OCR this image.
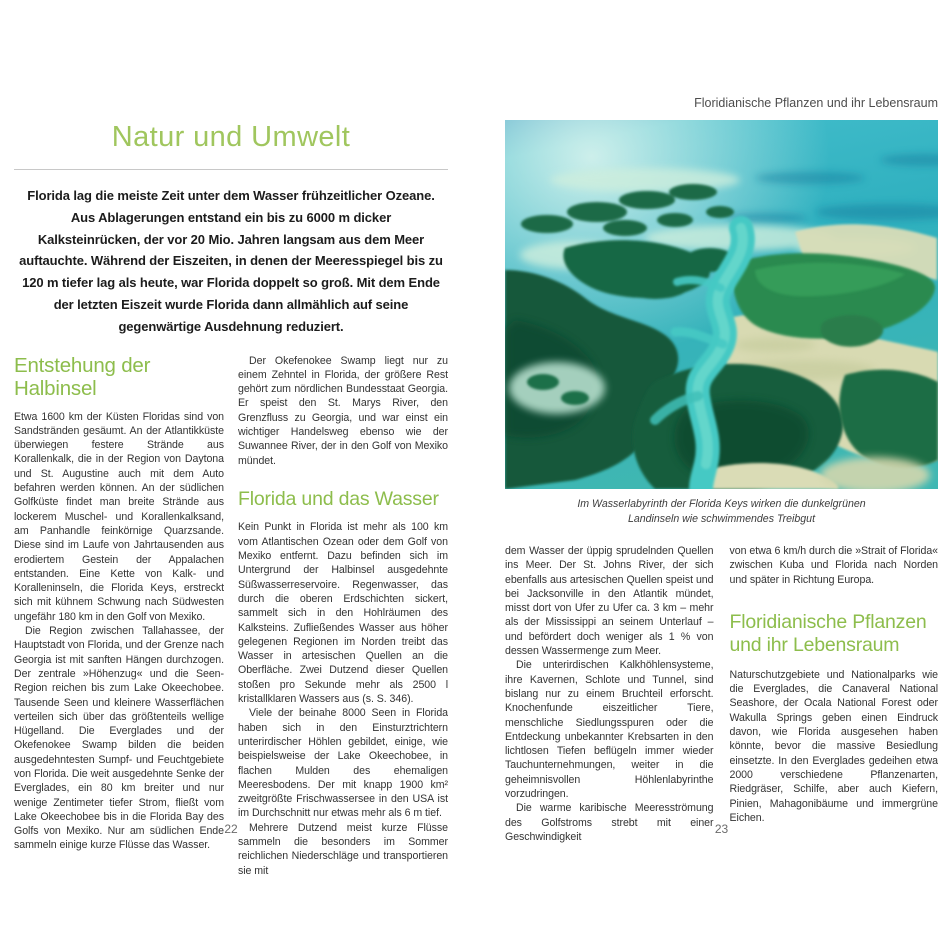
Natur und Umwelt

Florida lag die meiste Zeit unter dem Wasser frühzeitlicher Ozeane. Aus Ablagerungen entstand ein bis zu 6000 m dicker Kalksteinrücken, der vor 20 Mio. Jahren langsam aus dem Meer auftauchte. Während der Eiszeiten, in denen der Meeresspiegel bis zu 120 m tiefer lag als heute, war Florida doppelt so groß. Mit dem Ende der letzten Eiszeit wurde Florida dann allmählich auf seine gegenwärtige Ausdehnung reduziert.

Entstehung der
Halbinsel

Etwa 1600 km der Küsten Floridas sind von Sandstränden gesäumt. An der Atlantikküste überwiegen festere Strände aus Korallenkalk, die in der Region von Daytona und St. Augustine auch mit dem Auto befahren werden können. An der südlichen Golfküste findet man breite Strände aus lockerem Muschel- und Korallenkalksand, am Panhandle feinkörnige Quarzsande. Diese sind im Laufe von Jahrtausenden aus erodiertem Gestein der Appalachen entstanden. Eine Kette von Kalk- und Koralleninseln, die Florida Keys, erstreckt sich mit kühnem Schwung nach Südwesten ungefähr 180 km in den Golf von Mexiko.

Die Region zwischen Tallahassee, der Hauptstadt von Florida, und der Grenze nach Georgia ist mit sanften Hängen durchzogen. Der zentrale »Höhenzug« und die Seen-Region reichen bis zum Lake Okeechobee. Tausende Seen und kleinere Wasserflächen verteilen sich über das größtenteils wellige Hügelland. Die Everglades und der Okefenokee Swamp bilden die beiden ausgedehntesten Sumpf- und Feuchtgebiete von Florida. Die weit ausgedehnte Senke der Everglades, ein 80 km breiter und nur wenige Zentimeter tiefer Strom, fließt vom Lake Okeechobee bis in die Florida Bay des Golfs von Mexiko. Nur am südlichen Ende sammeln einige kurze Flüsse das Wasser.

Der Okefenokee Swamp liegt nur zu einem Zehntel in Florida, der größere Rest gehört zum nördlichen Bundesstaat Georgia. Er speist den St. Marys River, den Grenzfluss zu Georgia, und war einst ein wichtiger Handelsweg ebenso wie der Suwannee River, der in den Golf von Mexiko mündet.

Florida und das Wasser

Kein Punkt in Florida ist mehr als 100 km vom Atlantischen Ozean oder dem Golf von Mexiko entfernt. Dazu befinden sich im Untergrund der Halbinsel ausgedehnte Süßwasserreservoire. Regenwasser, das durch die oberen Erdschichten sickert, sammelt sich in den Hohlräumen des Kalksteins. Zufließendes Wasser aus höher gelegenen Regionen im Norden treibt das Wasser in artesischen Quellen an die Oberfläche. Zwei Dutzend dieser Quellen stoßen pro Sekunde mehr als 2500 l kristallklaren Wassers aus (s. S. 346).

Viele der beinahe 8000 Seen in Florida haben sich in den Einsturztrichtern unterirdischer Höhlen gebildet, einige, wie beispielsweise der Lake Okeechobee, in flachen Mulden des ehemaligen Meeresbodens. Der mit knapp 1900 km² zweitgrößte Frischwassersee in den USA ist im Durchschnitt nur etwas mehr als 6 m tief.

Mehrere Dutzend meist kurze Flüsse sammeln die besonders im Sommer reichlichen Niederschläge und transportieren sie mit

22
Floridianische Pflanzen und ihr Lebensraum
Im Wasserlabyrinth der Florida Keys wirken die dunkelgrünen
Landinseln wie schwimmendes Treibgut

dem Wasser der üppig sprudelnden Quellen ins Meer. Der St. Johns River, der sich ebenfalls aus artesischen Quellen speist und bei Jacksonville in den Atlantik mündet, misst dort von Ufer zu Ufer ca. 3 km – mehr als der Mississippi an seinem Unterlauf – und befördert doch weniger als 1 % von dessen Wassermenge zum Meer.

Die unterirdischen Kalkhöhlensysteme, ihre Kavernen, Schlote und Tunnel, sind bislang nur zu einem Bruchteil erforscht. Knochenfunde eiszeitlicher Tiere, menschliche Siedlungsspuren oder die Entdeckung unbekannter Krebsarten in den lichtlosen Tiefen beflügeln immer wieder Tauchunternehmungen, weiter in die geheimnisvollen Höhlenlabyrinthe vorzudringen.

Die warme karibische Meeresströmung des Golfstroms strebt mit einer Geschwindigkeit

von etwa 6 km/h durch die »Strait of Florida« zwischen Kuba und Florida nach Norden und später in Richtung Europa.

Floridianische Pflanzen
und ihr Lebensraum

Naturschutzgebiete und Nationalparks wie die Everglades, die Canaveral National Seashore, der Ocala National Forest oder Wakulla Springs geben einen Eindruck davon, wie Florida ausgesehen haben könnte, bevor die massive Besiedlung einsetzte. In den Everglades gedeihen etwa 2000 verschiedene Pflanzenarten, Riedgräser, Schilfe, aber auch Kiefern, Pinien, Mahagonibäume und immergrüne Eichen.

23
